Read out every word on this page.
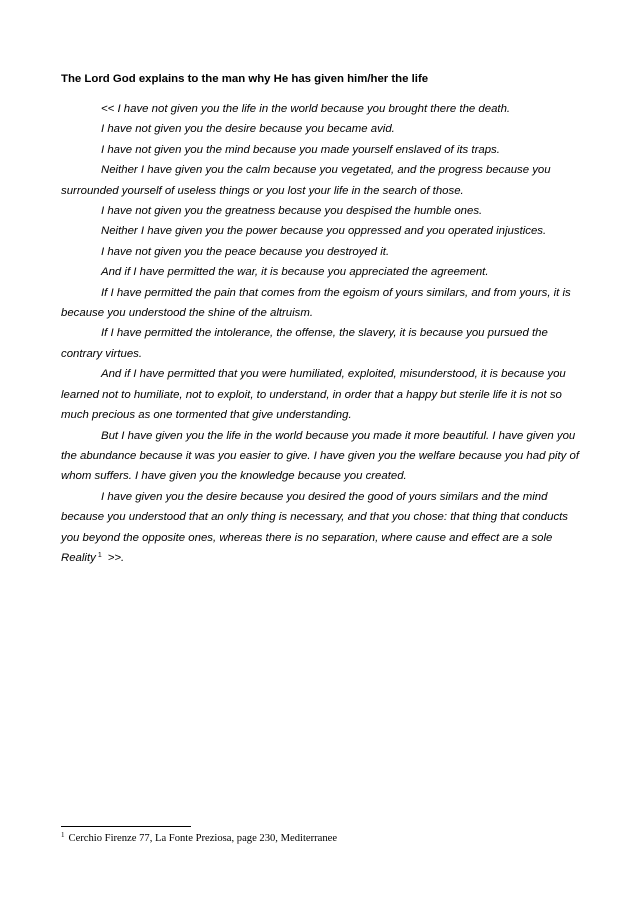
The Lord God explains to the man why He has given him/her the life

<< I have not given you the life in the world because you brought there the death.

I have not given you the desire because you became avid.

I have not given you the mind because you made yourself enslaved of its traps.

Neither I have given you the calm because you vegetated, and the progress because you surrounded yourself of useless things or you lost your life in the search of those.

I have not given you the greatness because you despised the humble ones.

Neither I have given you the power because you oppressed and you operated injustices.

I have not given you the peace because you destroyed it.

And if I have permitted the war, it is because you appreciated the agreement.

If I have permitted the pain that comes from the egoism of yours similars, and from yours, it is because you understood the shine of the altruism.

If I have permitted the intolerance, the offense, the slavery, it is because you pursued the contrary virtues.

And if I have permitted that you were humiliated, exploited, misunderstood, it is because you learned not to humiliate, not to exploit, to understand, in order that a happy but sterile life it is not so much precious as one tormented that give understanding.

But I have given you the life in the world because you made it more beautiful. I have given you the abundance because it was you easier to give. I have given you the welfare because you had pity of whom suffers. I have given you the knowledge because you created.

I have given you the desire because you desired the good of yours similars and the mind because you understood that an only thing is necessary, and that you chose: that thing that conducts you beyond the opposite ones, whereas there is no separation, where cause and effect are a sole Reality $^1$ >>.

$^1$ Cerchio Firenze 77, La Fonte Preziosa, page 230, Mediterranee
